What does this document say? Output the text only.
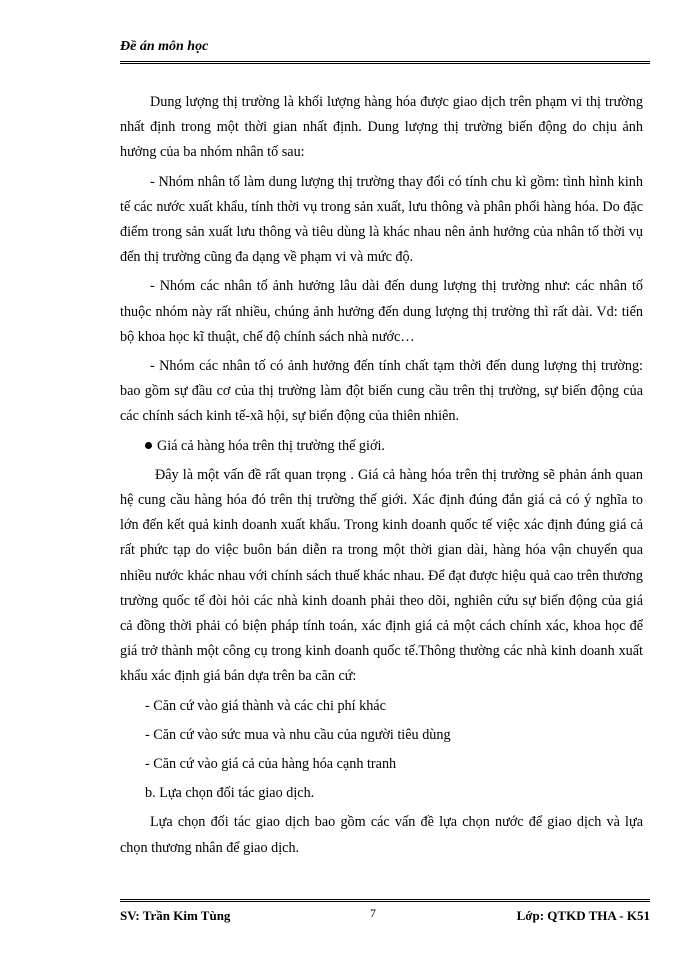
Đề án môn học

Dung lượng thị trường là khối lượng hàng hóa được giao dịch trên phạm vi thị trường nhất định trong một thời gian nhất định. Dung lượng thị trường biến động do chịu ảnh hưởng của ba nhóm nhân tố sau:

- Nhóm nhân tố làm dung lượng thị trường thay đổi có tính chu kì gồm: tình hình kinh tế các nước xuất khẩu, tính thời vụ trong sản xuất, lưu thông và phân phối hàng hóa. Do đặc điểm trong sản xuất lưu thông và tiêu dùng là khác nhau nên ảnh hưởng của nhân tố thời vụ đến thị trường cũng đa dạng về phạm vi và mức độ.

- Nhóm các nhân tố ảnh hưởng lâu dài đến dung lượng thị trường như: các nhân tố thuộc nhóm này rất nhiều, chúng ảnh hưởng đến dung lượng thị trường thì rất dài. Vd: tiến bộ khoa học kĩ thuật, chế độ chính sách nhà nước…

- Nhóm các nhân tố có ảnh hưởng đến tính chất tạm thời đến dung lượng thị trường: bao gồm sự đầu cơ của thị trường làm đột biến cung cầu trên thị trường, sự biến động của các chính sách kinh tế-xã hội, sự biến động của thiên nhiên.

Giá cả hàng hóa trên thị trường thế giới.

Đây là một vấn đề rất quan trọng . Giá cả hàng hóa trên thị trường sẽ phản ánh quan hệ cung cầu hàng hóa đó trên thị trường thế giới. Xác định đúng đắn giá cả có ý nghĩa to lớn đến kết quả kinh doanh xuất khẩu. Trong kinh doanh quốc tế việc xác định đúng giá cả rất phức tạp do việc buôn bán diễn ra trong một thời gian dài, hàng hóa vận chuyển qua nhiều nước khác nhau với chính sách thuế khác nhau. Để đạt được hiệu quả cao trên thương trường quốc tế đòi hỏi các nhà kinh doanh phải theo dõi, nghiên cứu sự biến động của giá cả đồng thời phải có biện pháp tính toán, xác định giá cả một cách chính xác, khoa học để giá trở thành một công cụ trong kinh doanh quốc tế.Thông thường các nhà kinh doanh xuất khẩu xác định giá bán dựa trên ba căn cứ:

- Căn cứ vào giá thành và các chi phí khác

- Căn cứ vào sức mua và nhu cầu của người tiêu dùng

- Căn cứ vào giá cả của hàng hóa cạnh tranh

b. Lựa chọn đối tác giao dịch.

Lựa chọn đối tác giao dịch bao gồm các vấn đề lựa chọn nước để giao dịch và lựa chọn thương nhân để giao dịch.

SV: Trần Kim Tùng	7	Lớp: QTKD THA - K51
